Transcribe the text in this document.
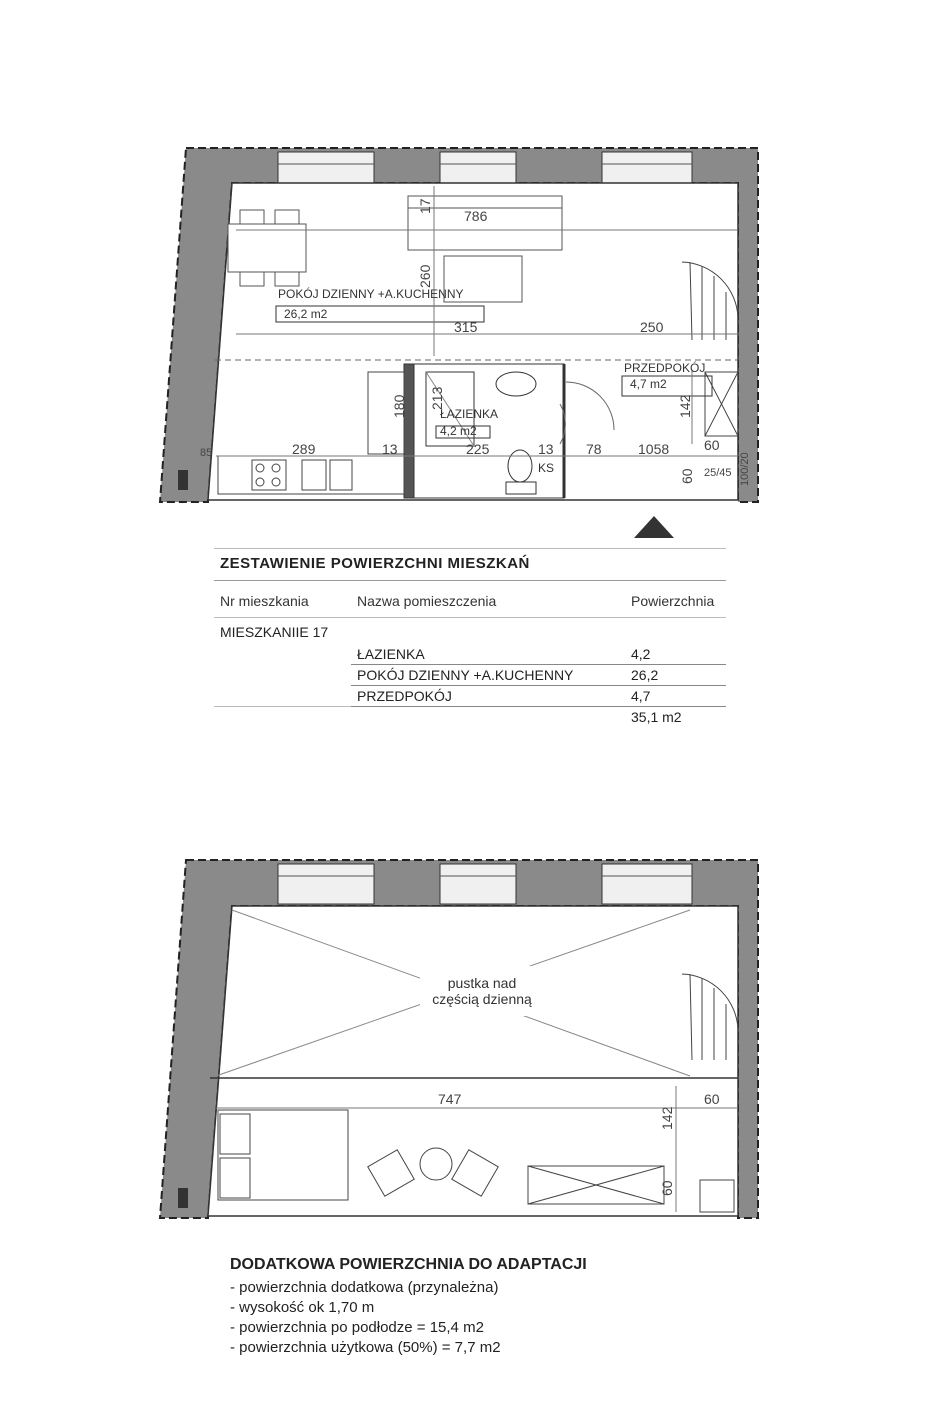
POKÓJ DZIENNY +A.KUCHENNY
26,2 m2
PRZEDPOKÓJ
4,7 m2
ŁAZIENKA
4,2 m2
KS
786
17
260
315	250
180 213	142
289	13	225	13 78	1058 60
60
85
25/45 100/20
ZESTAWIENIE POWIERZCHNI MIESZKAŃ
Nr mieszkania	Nazwa pomieszczenia	Powierzchnia
MIESZKANIIE 17		
	ŁAZIENKA	4,2
	POKÓJ DZIENNY +A.KUCHENNY	26,2
	PRZEDPOKÓJ	4,7
		35,1 m2
pustka nad
częścią dzienną
747	60
142
60
DODATKOWA POWIERZCHNIA DO ADAPTACJI
- powierzchnia dodatkowa (przynależna)
- wysokość ok 1,70 m
- powierzchnia po podłodze = 15,4 m2
- powierzchnia użytkowa (50%) = 7,7 m2
